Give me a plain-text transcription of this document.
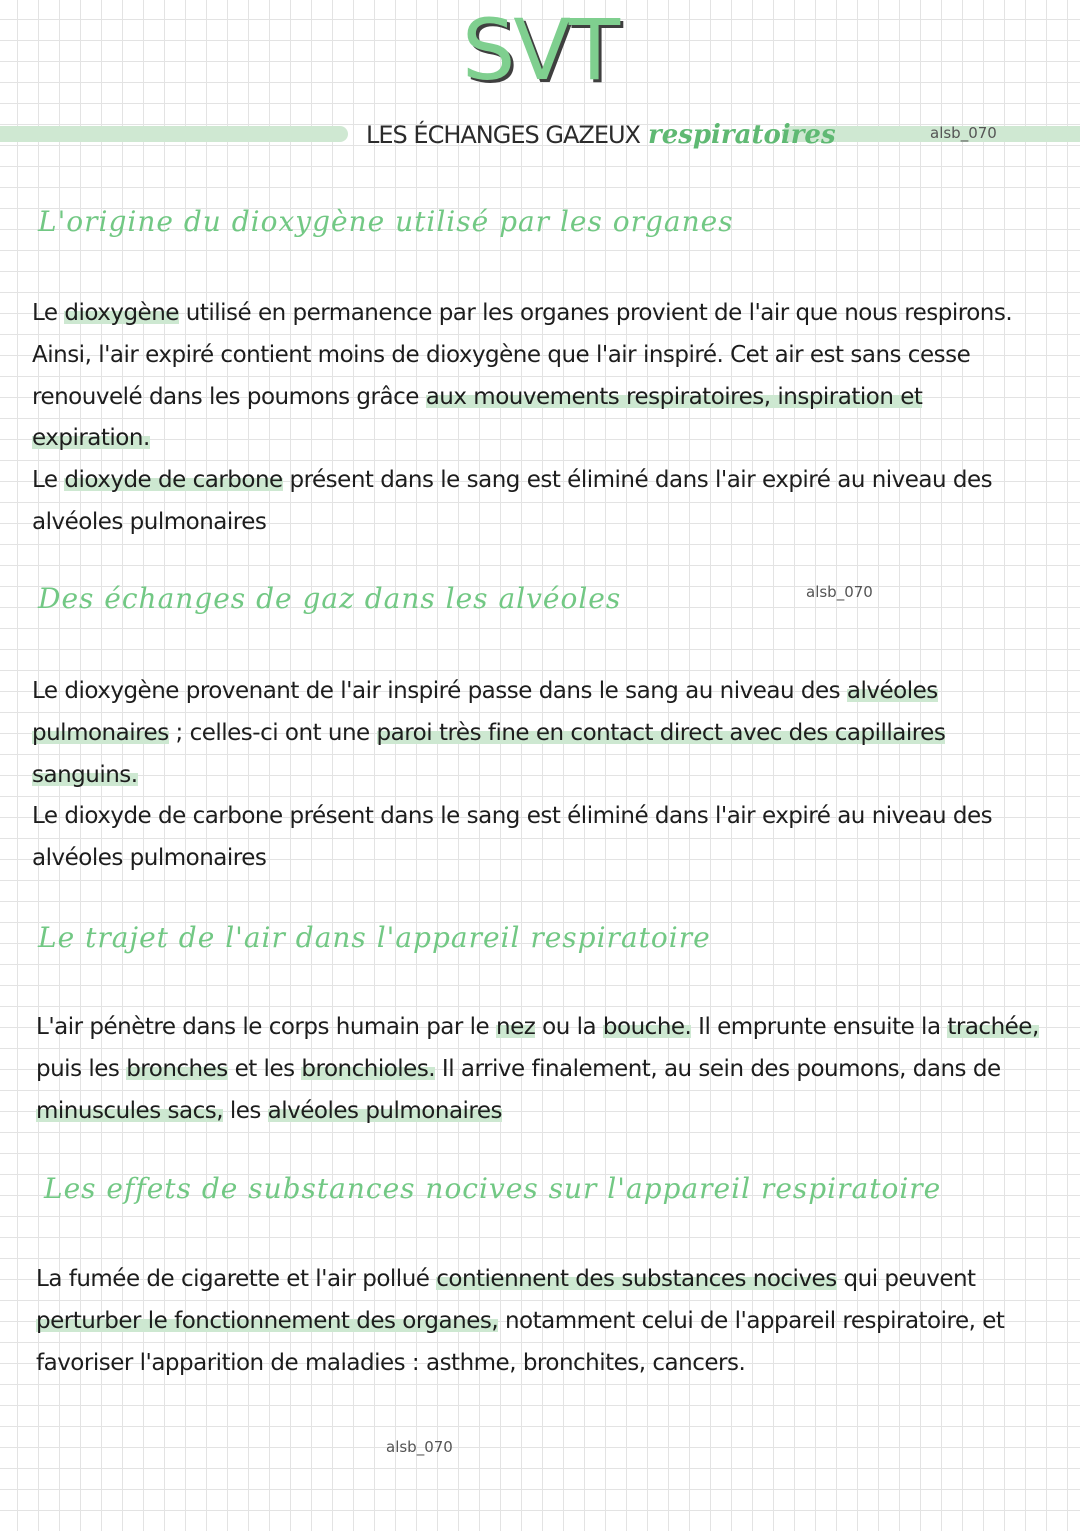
SVT
LES ÉCHANGES GAZEUX respiratoires	alsb_070
L'origine du dioxygène utilisé par les organes

Le dioxygène utilisé en permanence par les organes provient de l'air que nous respirons. Ainsi, l'air expiré contient moins de dioxygène que l'air inspiré. Cet air est sans cesse renouvelé dans les poumons grâce aux mouvements respiratoires, inspiration et expiration.

Le dioxyde de carbone présent dans le sang est éliminé dans l'air expiré au niveau des alvéoles pulmonaires

Des échanges de gaz dans les alvéoles	alsb_070

Le dioxygène provenant de l'air inspiré passe dans le sang au niveau des alvéoles pulmonaires ; celles-ci ont une paroi très fine en contact direct avec des capillaires sanguins.

Le dioxyde de carbone présent dans le sang est éliminé dans l'air expiré au niveau des alvéoles pulmonaires

Le trajet de l'air dans l'appareil respiratoire

L'air pénètre dans le corps humain par le nez ou la bouche. Il emprunte ensuite la trachée, puis les bronches et les bronchioles. Il arrive finalement, au sein des poumons, dans de minuscules sacs, les alvéoles pulmonaires

Les effets de substances nocives sur l'appareil respiratoire

La fumée de cigarette et l'air pollué contiennent des substances nocives qui peuvent perturber le fonctionnement des organes, notamment celui de l'appareil respiratoire, et favoriser l'apparition de maladies : asthme, bronchites, cancers.

alsb_070
